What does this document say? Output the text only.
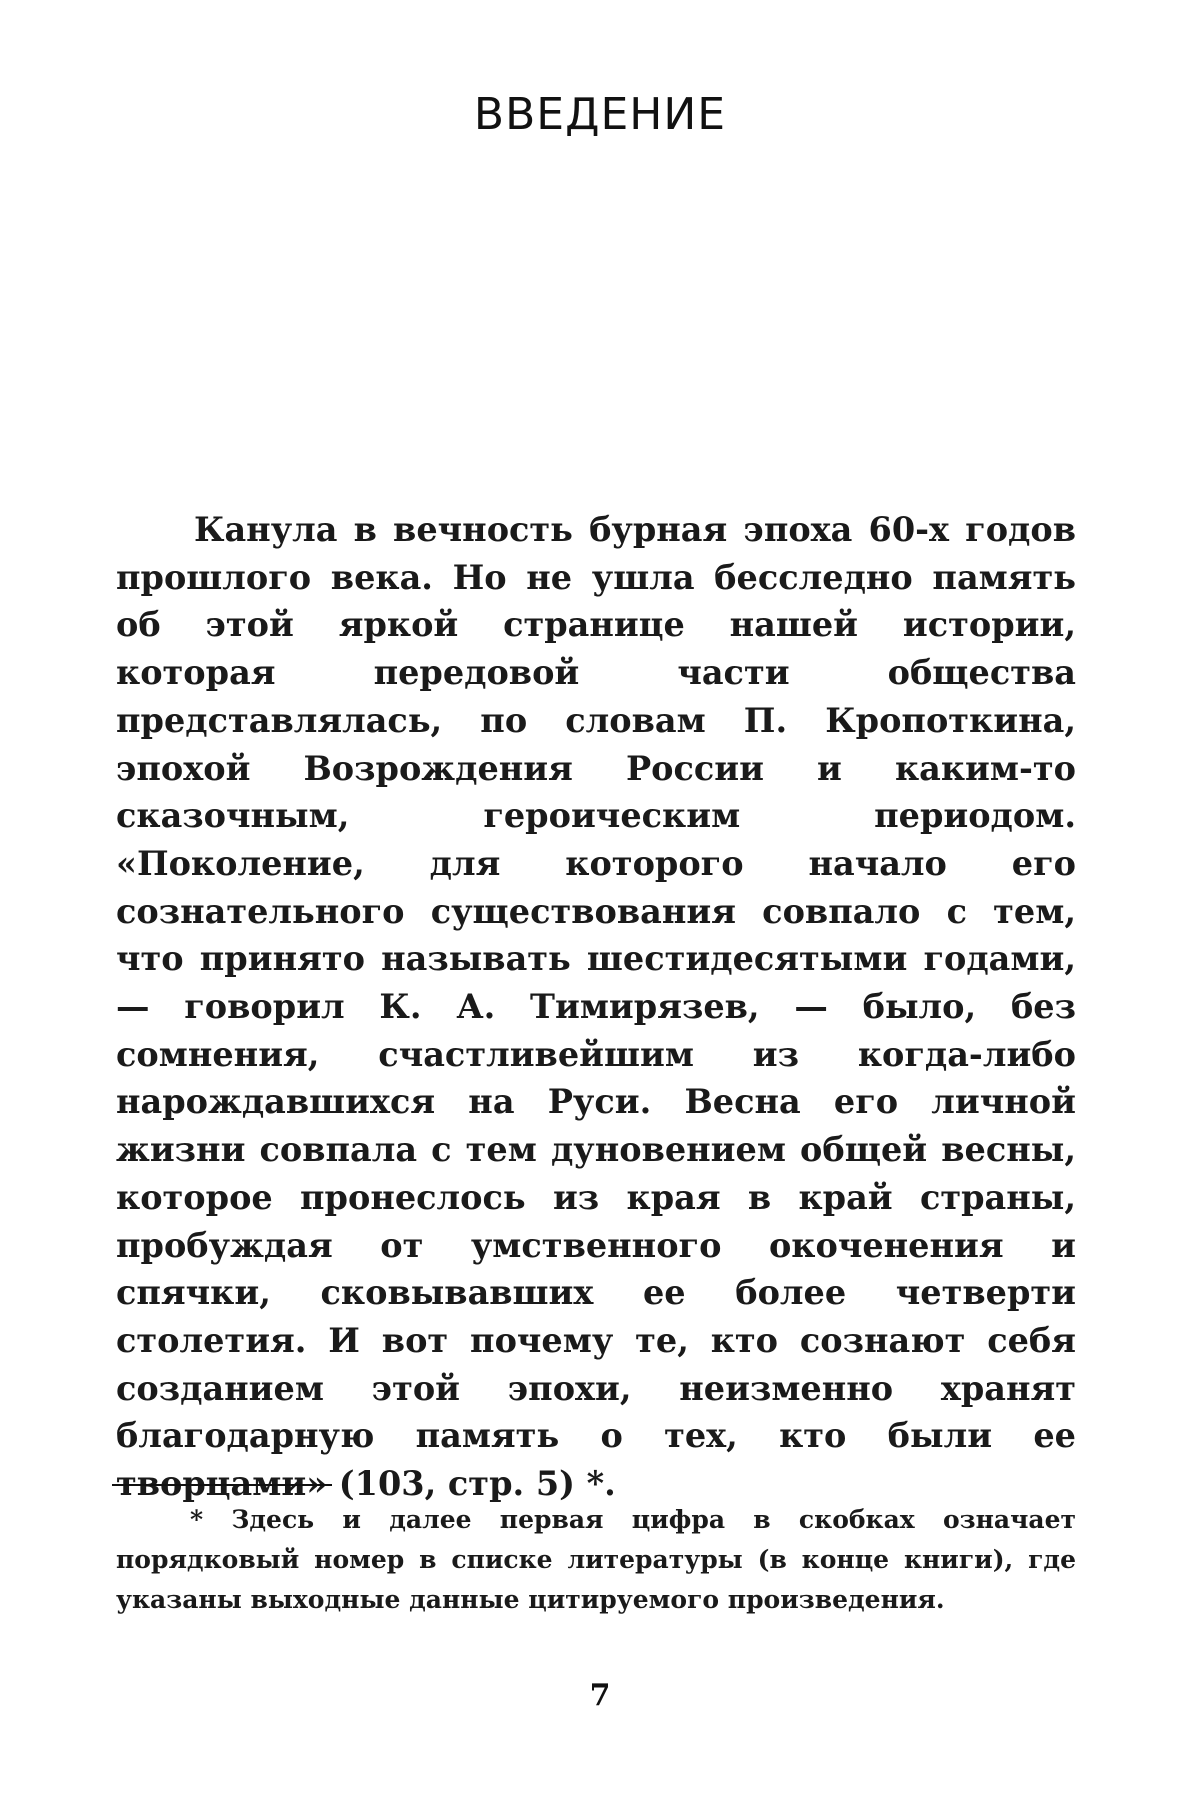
ВВЕДЕНИЕ

Канула в вечность бурная эпоха 60-х годов прошлого века. Но не ушла бесследно память об этой яркой странице нашей истории, которая передовой части общества представлялась, по словам П. Кропоткина, эпохой Возрождения России и каким-то сказочным, героическим периодом. «Поколение, для которого начало его сознательного существования совпало с тем, что принято называть шестидесятыми годами, — говорил К. А. Тимирязев, — было, без сомнения, счастливейшим из когда-либо нарождавшихся на Руси. Весна его личной жизни совпала с тем дуновением общей весны, которое пронеслось из края в край страны, пробуждая от умственного окоченения и спячки, сковывавших ее более четверти столетия. И вот почему те, кто сознают себя созданием этой эпохи, неизменно хранят благодарную память о тех, кто были ее творцами» (103, стр. 5) *.

* Здесь и далее первая цифра в скобках означает порядковый номер в списке литературы (в конце книги), где указаны выходные данные цитируемого произведения.

7
